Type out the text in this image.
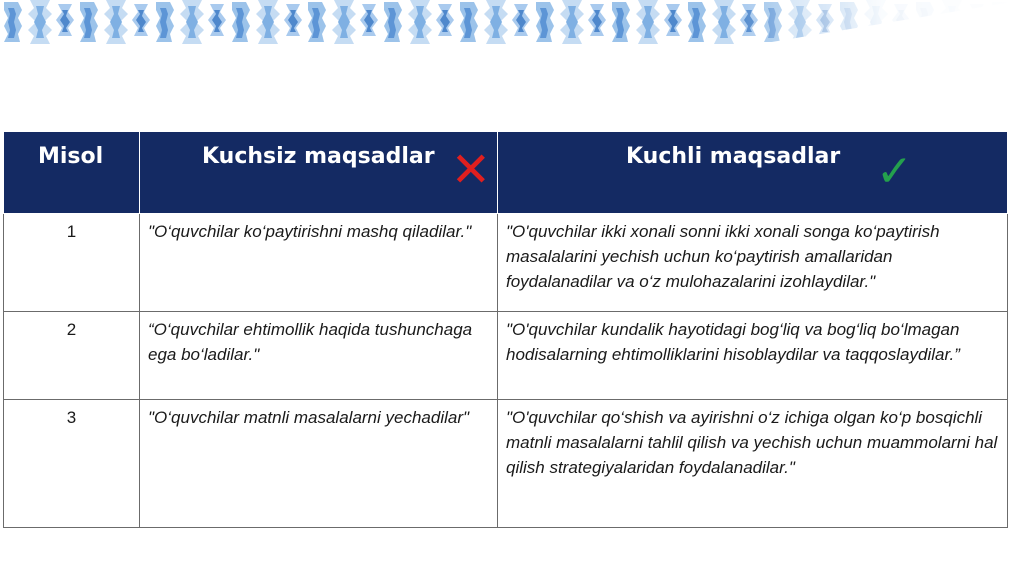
Misol	Kuchsiz maqsadlar ✕	Kuchli maqsadlar ✓

1	"O‘quvchilar ko‘paytirishni mashq qiladilar."	"O'quvchilar ikki xonali sonni ikki xonali songa ko‘paytirish masalalarini yechish uchun ko‘paytirish amallaridan foydalanadilar va o‘z mulohazalarini izohlaydilar."
2	“O‘quvchilar ehtimollik haqida tushunchaga ega bo‘ladilar."	"O'quvchilar kundalik hayotidagi bog‘liq va bog‘liq bo‘lmagan hodisalarning ehtimolliklarini hisoblaydilar va taqqoslaydilar.”
3	"O‘quvchilar matnli masalalarni yechadilar"	"O'quvchilar qo‘shish va ayirishni o‘z ichiga olgan ko‘p bosqichli matnli masalalarni tahlil qilish va yechish uchun muammolarni hal qilish strategiyalaridan foydalanadilar."
